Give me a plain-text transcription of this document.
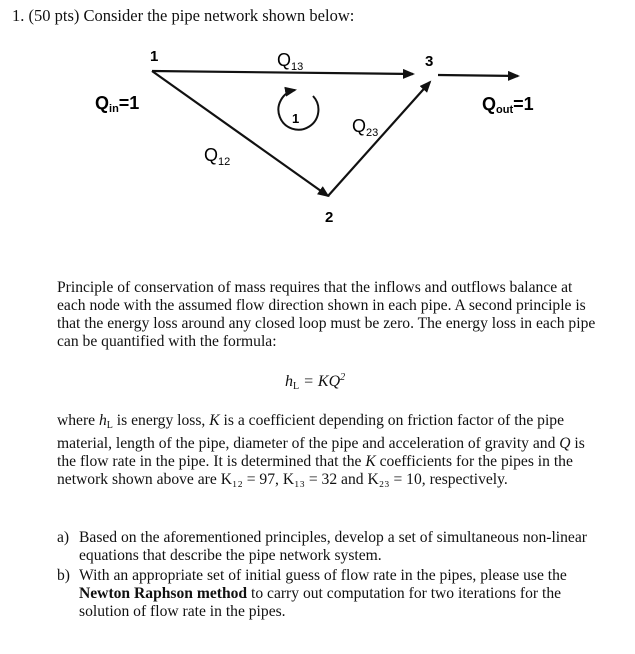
1. (50 pts) Consider the pipe network shown below:
1	3
2
1
Qin=1	Qout=1
$Q_{13}$
$Q_{23}$
$Q_{12}$
Principle of conservation of mass requires that the inflows and outflows balance at each node with the assumed flow direction shown in each pipe. A second principle is that the energy loss around any closed loop must be zero. The energy loss in each pipe can be quantified with the formula:
$h_L = KQ^2$
where $h_L$ is energy loss, K is a coefficient depending on friction factor of the pipe material, length of the pipe, diameter of the pipe and acceleration of gravity and Q is the flow rate in the pipe. It is determined that the K coefficients for the pipes in the network shown above are K₁₂ = 97, K₁₃ = 32 and K₂₃ = 10, respectively.
a) Based on the aforementioned principles, develop a set of simultaneous non-linear equations that describe the pipe network system.
b) With an appropriate set of initial guess of flow rate in the pipes, please use the Newton Raphson method to carry out computation for two iterations for the solution of flow rate in the pipes.
